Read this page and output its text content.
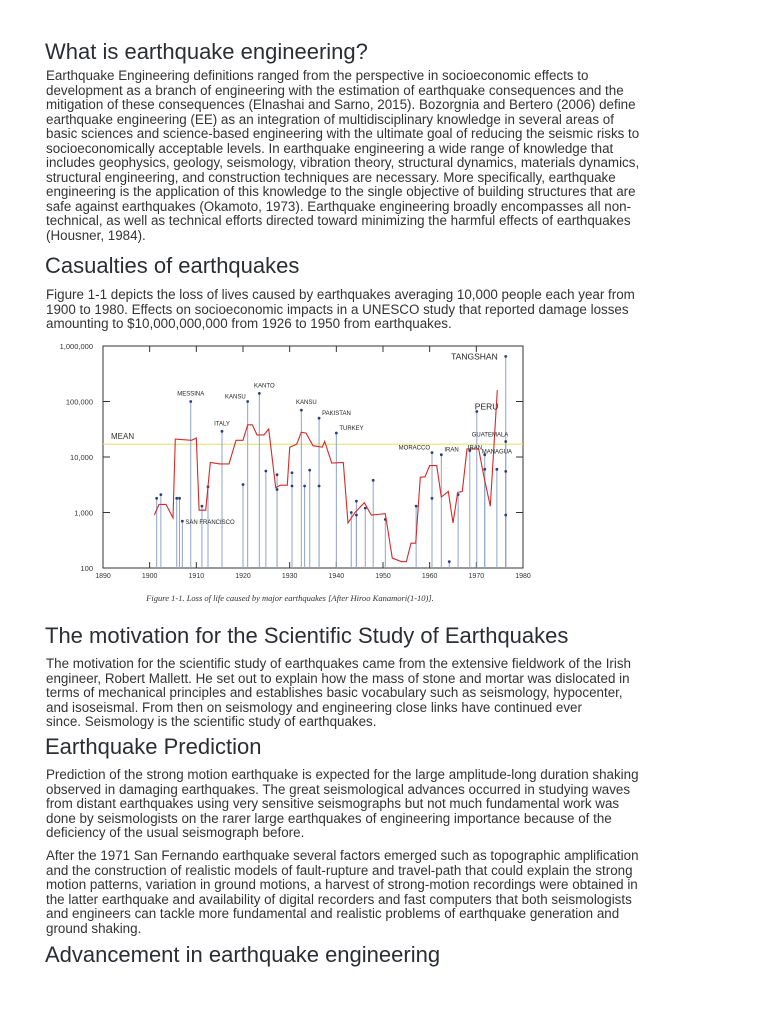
What is earthquake engineering?
Earthquake Engineering definitions ranged from the perspective in socioeconomic effects to
development as a branch of engineering with the estimation of earthquake consequences and the
mitigation of these consequences (Elnashai and Sarno, 2015). Bozorgnia and Bertero (2006) define
earthquake engineering (EE) as an integration of multidisciplinary knowledge in several areas of
basic sciences and science-based engineering with the ultimate goal of reducing the seismic risks to
socioeconomically acceptable levels. In earthquake engineering a wide range of knowledge that
includes geophysics, geology, seismology, vibration theory, structural dynamics, materials dynamics,
structural engineering, and construction techniques are necessary. More specifically, earthquake
engineering is the application of this knowledge to the single objective of building structures that are
safe against earthquakes (Okamoto, 1973). Earthquake engineering broadly encompasses all non-
technical, as well as technical efforts directed toward minimizing the harmful effects of earthquakes
(Housner, 1984).
Casualties of earthquakes
Figure 1-1 depicts the loss of lives caused by earthquakes averaging 10,000 people each year from
1900 to 1980. Effects on socioeconomic impacts in a UNESCO study that reported damage losses
amounting to $10,000,000,000 from 1926 to 1950 from earthquakes.
The motivation for the Scientific Study of Earthquakes
The motivation for the scientific study of earthquakes came from the extensive fieldwork of the Irish
engineer, Robert Mallett. He set out to explain how the mass of stone and mortar was dislocated in
terms of mechanical principles and establishes basic vocabulary such as seismology, hypocenter,
and isoseismal. From then on seismology and engineering close links have continued ever
since. Seismology is the scientific study of earthquakes.
Earthquake Prediction
Prediction of the strong motion earthquake is expected for the large amplitude-long duration shaking
observed in damaging earthquakes. The great seismological advances occurred in studying waves
from distant earthquakes using very sensitive seismographs but not much fundamental work was
done by seismologists on the rarer large earthquakes of engineering importance because of the
deficiency of the usual seismograph before.
After the 1971 San Fernando earthquake several factors emerged such as topographic amplification
and the construction of realistic models of fault-rupture and travel-path that could explain the strong
motion patterns, variation in ground motions, a harvest of strong-motion recordings were obtained in
the latter earthquake and availability of digital recorders and fast computers that both seismologists
and engineers can tackle more fundamental and realistic problems of earthquake generation and
ground shaking.
Advancement in earthquake engineering
1890	1900	1910	1920	1930	1940	1950	1960	1970	1980
100
1,000
10,000
100,000
1,000,000
MEAN
SAN FRANCISCO
MESSINA
ITALY
KANSU
KANTO
KANSU
PAKISTAN
TURKEY
MORACCO IRAN IRAN
PERU
MANAGUA
TANGSHAN
GUATEMALA
Figure 1-1. Loss of life caused by major earthquakes [After Hiroo Kanamori(1-10)].
